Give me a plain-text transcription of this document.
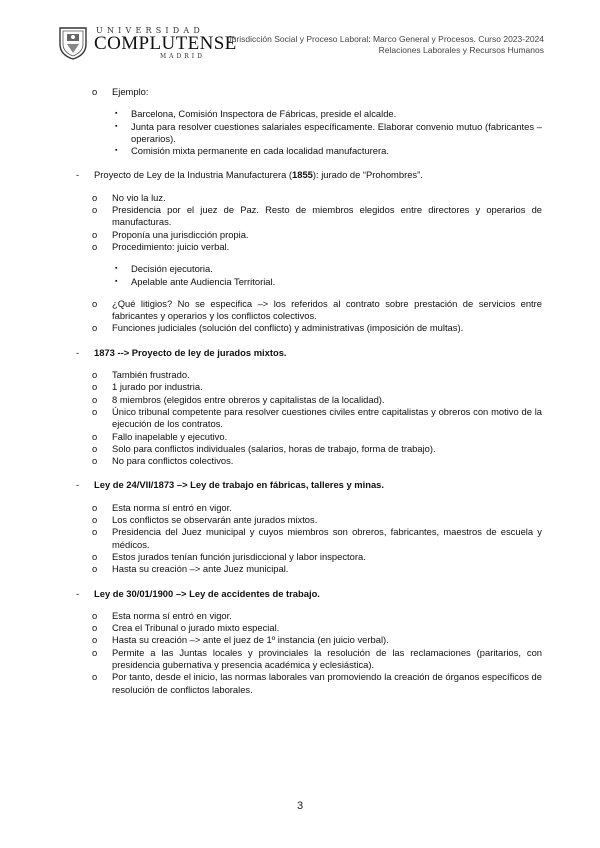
UNIVERSIDAD
COMPLUTENSE
MADRID
Jurisdicción Social y Proceso Laboral: Marco General y Procesos. Curso 2023-2024
Relaciones Laborales y Recursos Humanos
o Ejemplo:
▪ Barcelona, Comisión Inspectora de Fábricas, preside el alcalde.
▪ Junta para resolver cuestiones salariales específicamente. Elaborar convenio mutuo (fabricantes – operarios).
▪ Comisión mixta permanente en cada localidad manufacturera.
- Proyecto de Ley de la Industria Manufacturera (1855): jurado de “Prohombres”.
o No vio la luz.
o Presidencia por el juez de Paz. Resto de miembros elegidos entre directores y operarios de manufacturas.
o Proponía una jurisdicción propia.
o Procedimiento: juicio verbal.
▪ Decisión ejecutoria.
▪ Apelable ante Audiencia Territorial.
o ¿Qué litigios? No se especifica –> los referidos al contrato sobre prestación de servicios entre fabricantes y operarios y los conflictos colectivos.
o Funciones judiciales (solución del conflicto) y administrativas (imposición de multas).
- 1873 --> Proyecto de ley de jurados mixtos.
o También frustrado.
o 1 jurado por industria.
o 8 miembros (elegidos entre obreros y capitalistas de la localidad).
o Único tribunal competente para resolver cuestiones civiles entre capitalistas y obreros con motivo de la ejecución de los contratos.
o Fallo inapelable y ejecutivo.
o Solo para conflictos individuales (salarios, horas de trabajo, forma de trabajo).
o No para conflictos colectivos.
- Ley de 24/VII/1873 –> Ley de trabajo en fábricas, talleres y minas.
o Esta norma sí entró en vigor.
o Los conflictos se observarán ante jurados mixtos.
o Presidencia del Juez municipal y cuyos miembros son obreros, fabricantes, maestros de escuela y médicos.
o Estos jurados tenían función jurisdiccional y labor inspectora.
o Hasta su creación –> ante Juez municipal.
- Ley de 30/01/1900 –> Ley de accidentes de trabajo.
o Esta norma sí entró en vigor.
o Crea el Tribunal o jurado mixto especial.
o Hasta su creación –> ante el juez de 1º instancia (en juicio verbal).
o Permite a las Juntas locales y provinciales la resolución de las reclamaciones (paritarios, con presidencia gubernativa y presencia académica y eclesiástica).
o Por tanto, desde el inicio, las normas laborales van promoviendo la creación de órganos específicos de resolución de conflictos laborales.
3
